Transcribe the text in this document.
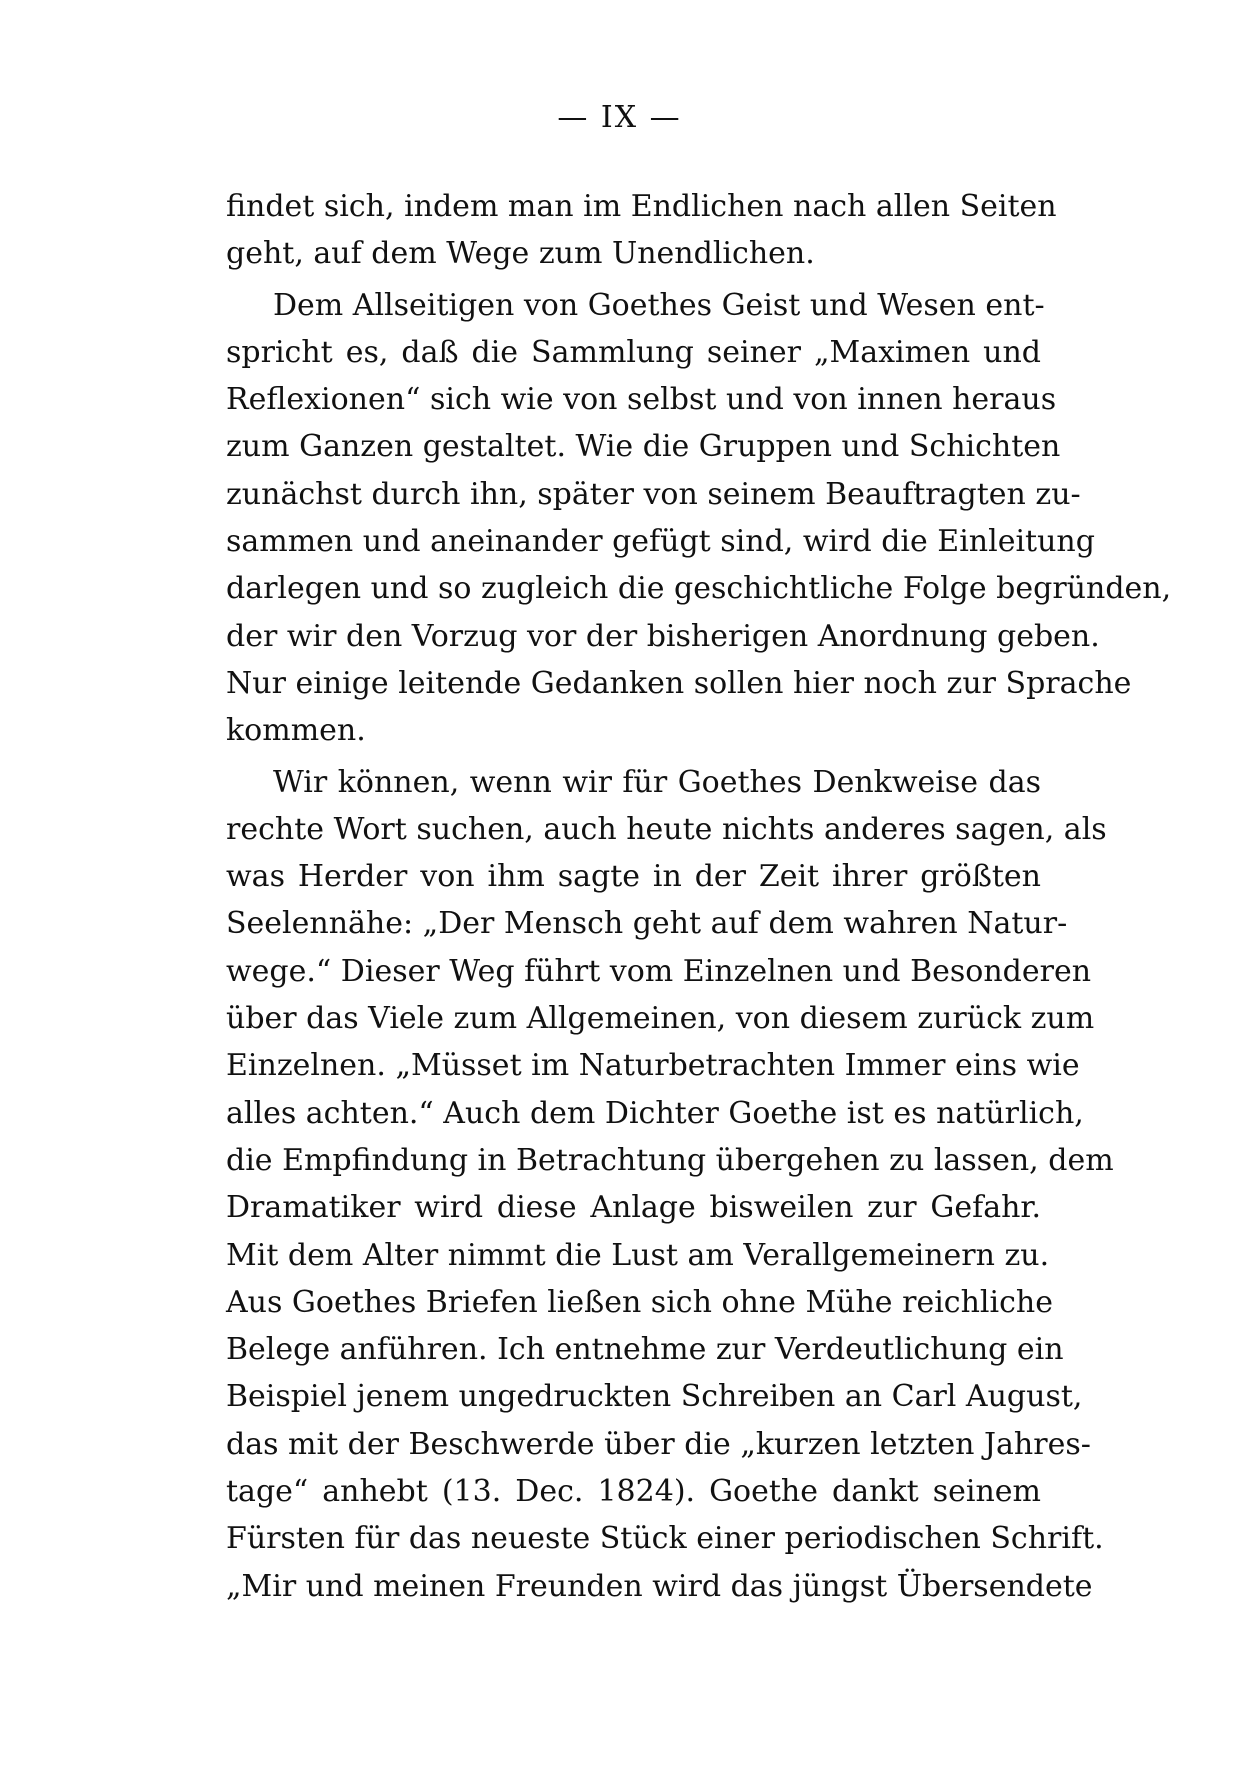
— IX —
findet sich, indem man im Endlichen nach allen Seiten
geht, auf dem Wege zum Unendlichen.
Dem Allseitigen von Goethes Geist und Wesen ent-
spricht es, daß die Sammlung seiner „Maximen und
Reflexionen“ sich wie von selbst und von innen heraus
zum Ganzen gestaltet. Wie die Gruppen und Schichten
zunächst durch ihn, später von seinem Beauftragten zu-
sammen und aneinander gefügt sind, wird die Einleitung
darlegen und so zugleich die geschichtliche Folge begründen,
der wir den Vorzug vor der bisherigen Anordnung geben.
Nur einige leitende Gedanken sollen hier noch zur Sprache
kommen.
Wir können, wenn wir für Goethes Denkweise das
rechte Wort suchen, auch heute nichts anderes sagen, als
was Herder von ihm sagte in der Zeit ihrer größten
Seelennähe: „Der Mensch geht auf dem wahren Natur-
wege.“ Dieser Weg führt vom Einzelnen und Besonderen
über das Viele zum Allgemeinen, von diesem zurück zum
Einzelnen. „Müsset im Naturbetrachten Immer eins wie
alles achten.“ Auch dem Dichter Goethe ist es natürlich,
die Empfindung in Betrachtung übergehen zu lassen, dem
Dramatiker wird diese Anlage bisweilen zur Gefahr.
Mit dem Alter nimmt die Lust am Verallgemeinern zu.
Aus Goethes Briefen ließen sich ohne Mühe reichliche
Belege anführen. Ich entnehme zur Verdeutlichung ein
Beispiel jenem ungedruckten Schreiben an Carl August,
das mit der Beschwerde über die „kurzen letzten Jahres-
tage“ anhebt (13. Dec. 1824). Goethe dankt seinem
Fürsten für das neueste Stück einer periodischen Schrift.
„Mir und meinen Freunden wird das jüngst Übersendete
